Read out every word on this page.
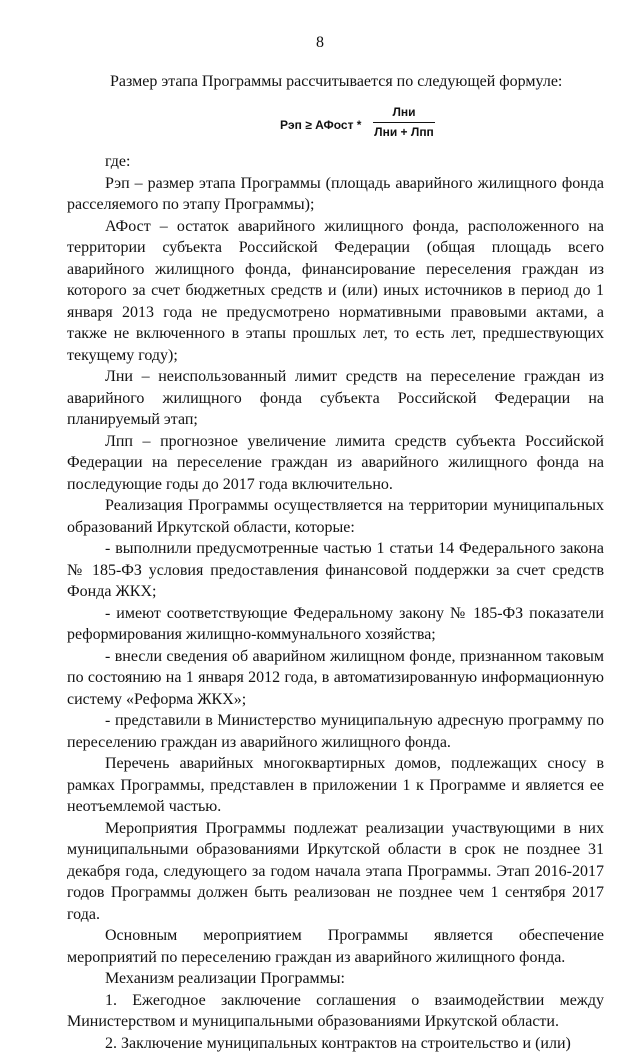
8
Размер этапа Программы рассчитывается по следующей формуле:
Рэп ≥ АФост *
Лни
Лни + Лпп

где:

Рэп – размер этапа Программы (площадь аварийного жилищного фонда расселяемого по этапу Программы);

АФост – остаток аварийного жилищного фонда, расположенного на территории субъекта Российской Федерации (общая площадь всего аварийного жилищного фонда, финансирование переселения граждан из которого за счет бюджетных средств и (или) иных источников в период до 1 января 2013 года не предусмотрено нормативными правовыми актами, а также не включенного в этапы прошлых лет, то есть лет, предшествующих текущему году);

Лни – неиспользованный лимит средств на переселение граждан из аварийного жилищного фонда субъекта Российской Федерации на планируемый этап;

Лпп – прогнозное увеличение лимита средств субъекта Российской Федерации на переселение граждан из аварийного жилищного фонда на последующие годы до 2017 года включительно.

Реализация Программы осуществляется на территории муниципальных образований Иркутской области, которые:

- выполнили предусмотренные частью 1 статьи 14 Федерального закона № 185-ФЗ условия предоставления финансовой поддержки за счет средств Фонда ЖКХ;

- имеют соответствующие Федеральному закону № 185-ФЗ показатели реформирования жилищно-коммунального хозяйства;

- внесли сведения об аварийном жилищном фонде, признанном таковым по состоянию на 1 января 2012 года, в автоматизированную информационную систему «Реформа ЖКХ»;

- представили в Министерство муниципальную адресную программу по переселению граждан из аварийного жилищного фонда.

Перечень аварийных многоквартирных домов, подлежащих сносу в рамках Программы, представлен в приложении 1 к Программе и является ее неотъемлемой частью.

Мероприятия Программы подлежат реализации участвующими в них муниципальными образованиями Иркутской области в срок не позднее 31 декабря года, следующего за годом начала этапа Программы. Этап 2016-2017 годов Программы должен быть реализован не позднее чем 1 сентября 2017 года.

Основным мероприятием Программы является обеспечение мероприятий по переселению граждан из аварийного жилищного фонда.

Механизм реализации Программы:

1. Ежегодное заключение соглашения о взаимодействии между Министерством и муниципальными образованиями Иркутской области.

2. Заключение муниципальных контрактов на строительство и (или)
